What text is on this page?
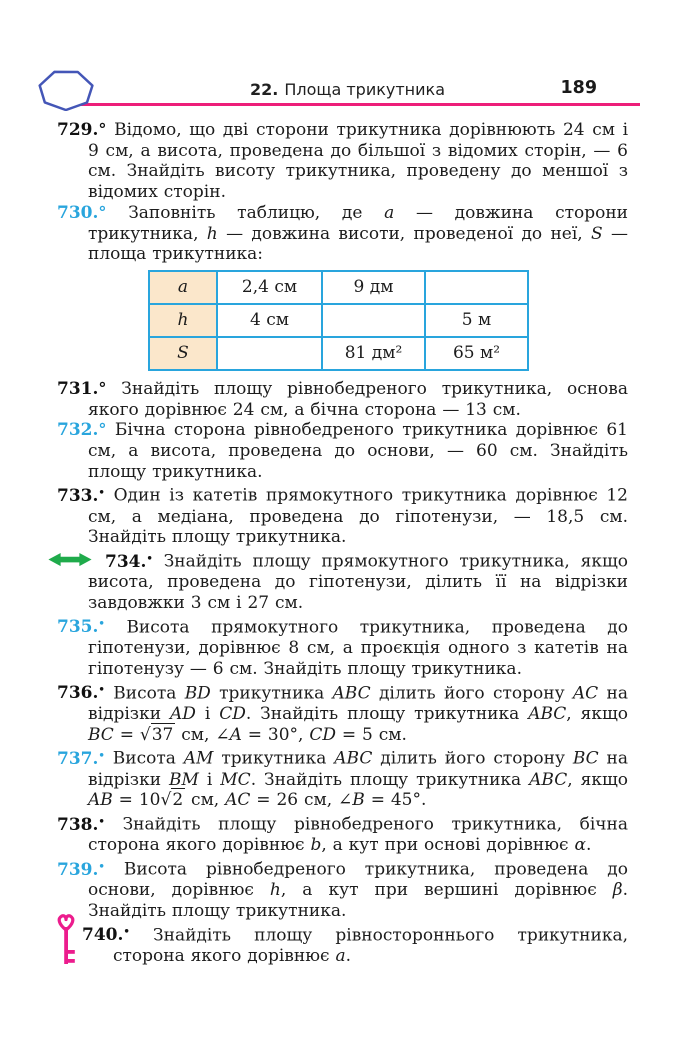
22. Площа трикутника	189

729.° Відомо, що дві сторони трикутника дорівнюють 24 см і 9 см, а висота, проведена до більшої з відомих сторін, — 6 см. Знайдіть висоту трикутника, проведену до меншої з відомих сторін.

730.° Заповніть таблицю, де a — довжина сторони трикутника, h — довжина висоти, проведеної до неї, S — площа трикутника:

a	2,4 см	9 дм	
h	4 см		5 м
S		81 дм²	65 м²

731.° Знайдіть площу рівнобедреного трикутника, основа якого дорівнює 24 см, а бічна сторона — 13 см.

732.° Бічна сторона рівнобедреного трикутника дорівнює 61 см, а висота, проведена до основи, — 60 см. Знайдіть площу трикутника.

733.• Один із катетів прямокутного трикутника дорівнює 12 см, а медіана, проведена до гіпотенузи, — 18,5 см. Знайдіть площу трикутника.

734.• Знайдіть площу прямокутного трикутника, якщо висота, проведена до гіпотенузи, ділить її на відрізки завдовжки 3 см і 27 см.

735.• Висота прямокутного трикутника, проведена до гіпотенузи, дорівнює 8 см, а проєкція одного з катетів на гіпотенузу — 6 см. Знайдіть площу трикутника.

736.• Висота BD трикутника ABC ділить його сторону AC на відрізки AD і CD. Знайдіть площу трикутника ABC, якщо BC = √37 см, ∠A = 30°, CD = 5 см.

737.• Висота AM трикутника ABC ділить його сторону BC на відрізки BM і MC. Знайдіть площу трикутника ABC, якщо AB = 10√2 см, AC = 26 см, ∠B = 45°.

738.• Знайдіть площу рівнобедреного трикутника, бічна сторона якого дорівнює b, а кут при основі дорівнює α.

739.• Висота рівнобедреного трикутника, проведена до основи, дорівнює h, а кут при вершині дорівнює β. Знайдіть площу трикутника.

740.• Знайдіть площу рівностороннього трикутника, сторона якого дорівнює a.
